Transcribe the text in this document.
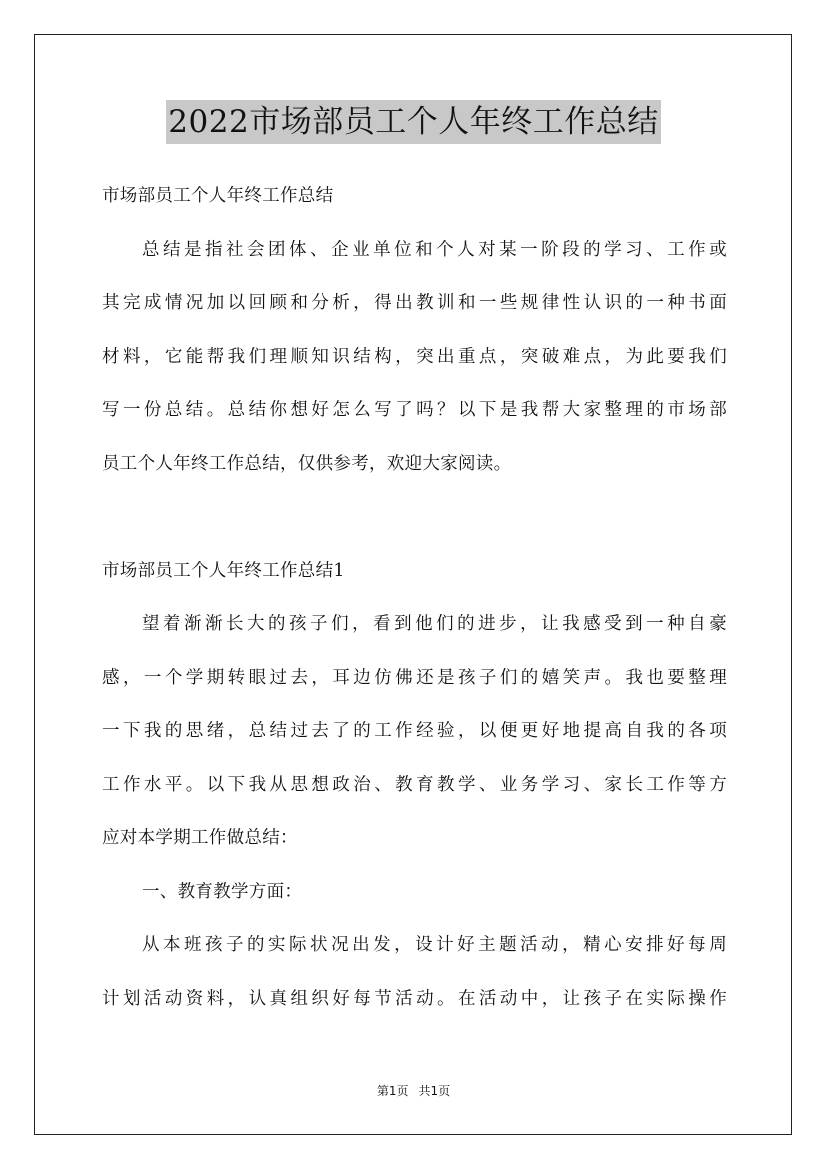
2022市场部员工个人年终工作总结
市场部员工个人年终工作总结
总结是指社会团体、企业单位和个人对某一阶段的学习、工作或
其完成情况加以回顾和分析，得出教训和一些规律性认识的一种书面
材料，它能帮我们理顺知识结构，突出重点，突破难点，为此要我们
写一份总结。总结你想好怎么写了吗？以下是我帮大家整理的市场部
员工个人年终工作总结，仅供参考，欢迎大家阅读。
市场部员工个人年终工作总结1
望着渐渐长大的孩子们，看到他们的进步，让我感受到一种自豪
感，一个学期转眼过去，耳边仿佛还是孩子们的嬉笑声。我也要整理
一下我的思绪，总结过去了的工作经验，以便更好地提高自我的各项
工作水平。以下我从思想政治、教育教学、业务学习、家长工作等方
应对本学期工作做总结：
一、教育教学方面：
从本班孩子的实际状况出发，设计好主题活动，精心安排好每周
计划活动资料，认真组织好每节活动。在活动中，让孩子在实际操作
第1页 共1页
